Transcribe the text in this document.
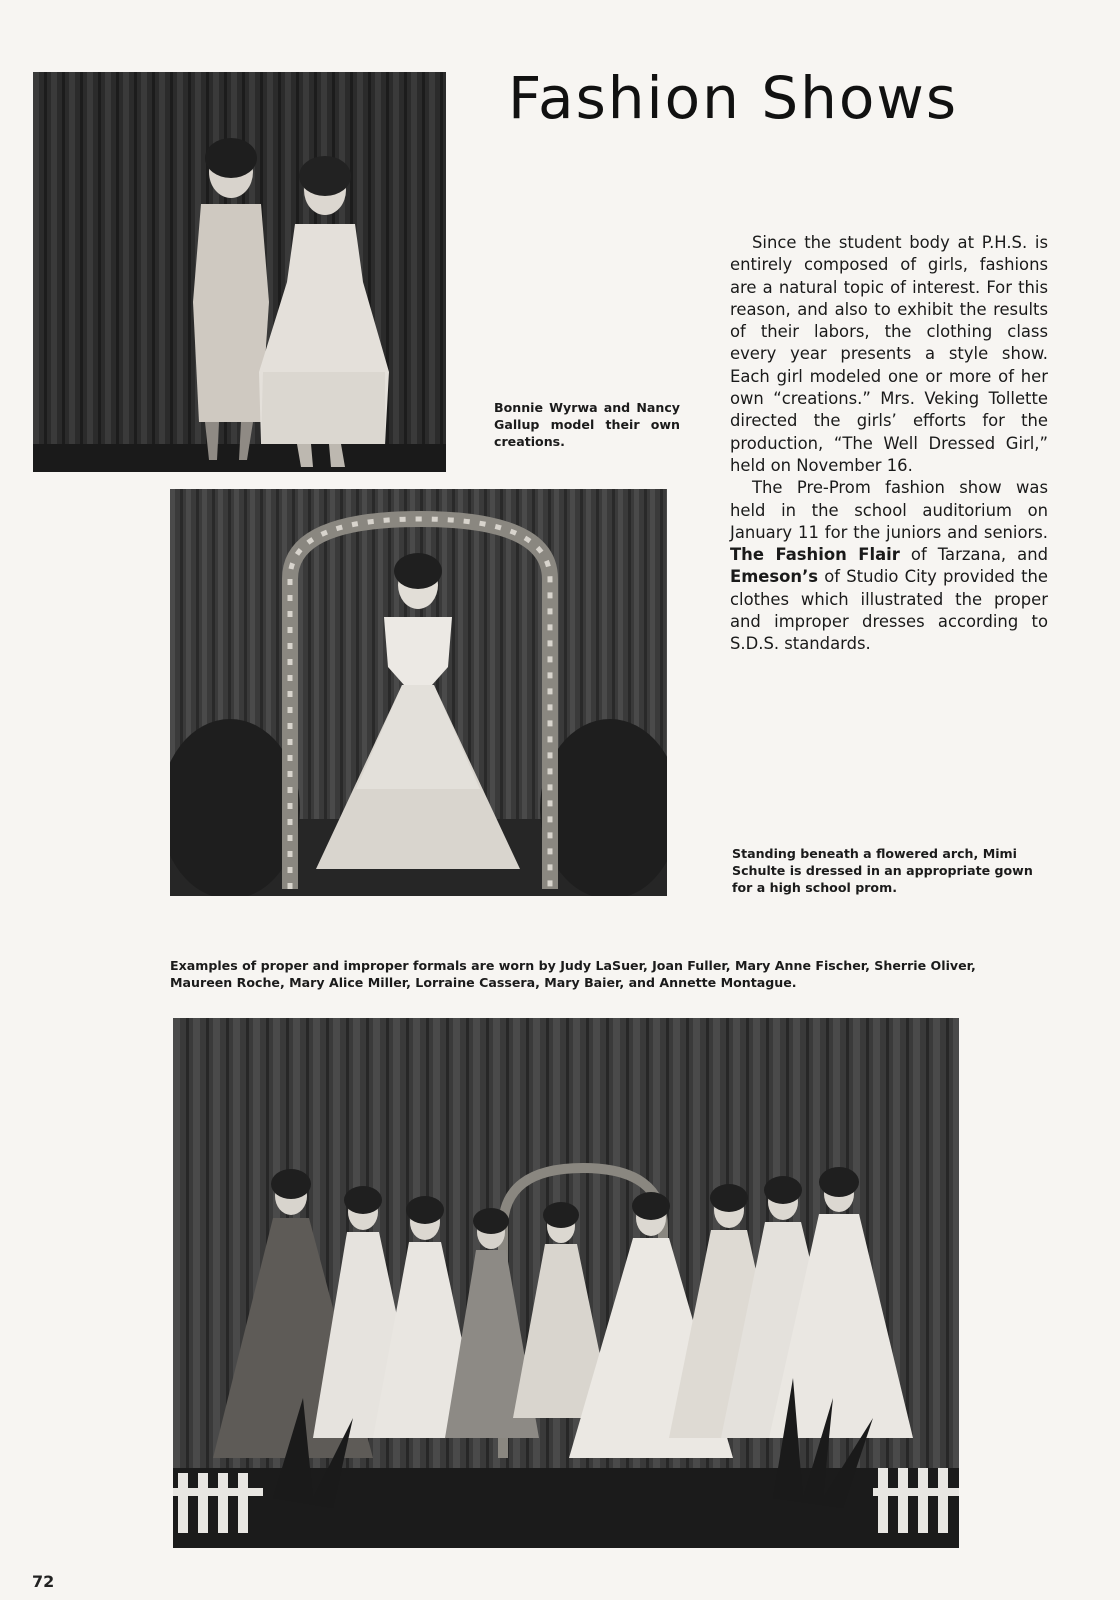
Fashion Shows
Bonnie Wyrwa and Nancy Gallup model their own creations.

Since the student body at P.H.S. is entirely composed of girls, fashions are a natural topic of interest. For this reason, and also to exhibit the results of their labors, the clothing class every year presents a style show. Each girl modeled one or more of her own “creations.” Mrs. Veking Tollette directed the girls’ efforts for the production, “The Well Dressed Girl,” held on November 16.

The Pre-Prom fashion show was held in the school auditorium on January 11 for the juniors and seniors. The Fashion Flair of Tarzana, and Emeson’s of Studio City provided the clothes which illustrated the proper and improper dresses according to S.D.S. standards.

Standing beneath a flowered arch, Mimi Schulte is dressed in an appropriate gown for a high school prom.
Examples of proper and improper formals are worn by Judy LaSuer, Joan Fuller, Mary Anne Fischer, Sherrie Oliver, Maureen Roche, Mary Alice Miller, Lorraine Cassera, Mary Baier, and Annette Montague.
72
